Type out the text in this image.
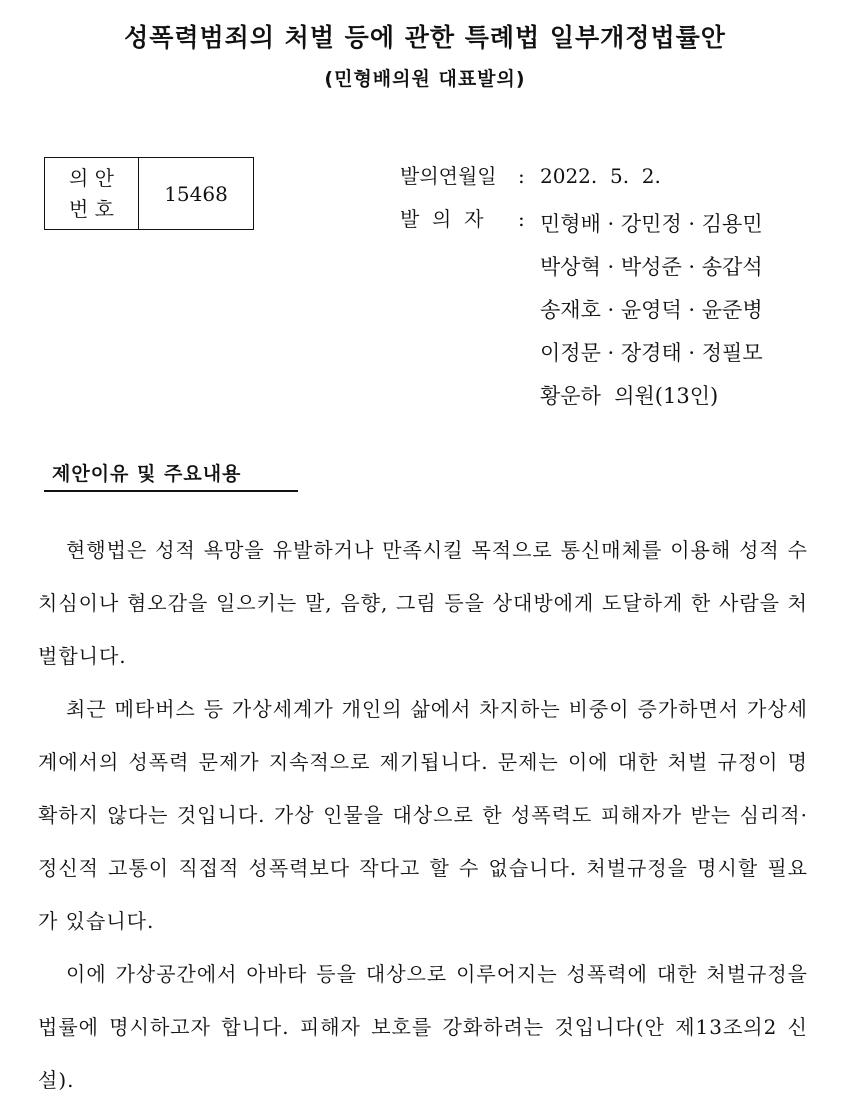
성폭력범죄의 처벌 등에 관한 특례법 일부개정법률안
(민형배의원 대표발의)
의 안
번 호
15468
발의연월일 : 2022.  5.  2.
발  의  자 : 민형배 · 강민정 · 김용민
박상혁 · 박성준 · 송갑석
송재호 · 윤영덕 · 윤준병
이정문 · 장경태 · 정필모
황운하  의원(13인)
제안이유 및 주요내용

현행법은 성적 욕망을 유발하거나 만족시킬 목적으로 통신매체를 이용해 성적 수치심이나 혐오감을 일으키는 말, 음향, 그림 등을 상대방에게 도달하게 한 사람을 처벌합니다.

최근 메타버스 등 가상세계가 개인의 삶에서 차지하는 비중이 증가하면서 가상세계에서의 성폭력 문제가 지속적으로 제기됩니다. 문제는 이에 대한 처벌 규정이 명확하지 않다는 것입니다. 가상 인물을 대상으로 한 성폭력도 피해자가 받는 심리적·정신적 고통이 직접적 성폭력보다 작다고 할 수 없습니다. 처벌규정을 명시할 필요가 있습니다.

이에 가상공간에서 아바타 등을 대상으로 이루어지는 성폭력에 대한 처벌규정을 법률에 명시하고자 합니다. 피해자 보호를 강화하려는 것입니다(안 제13조의2 신설).
